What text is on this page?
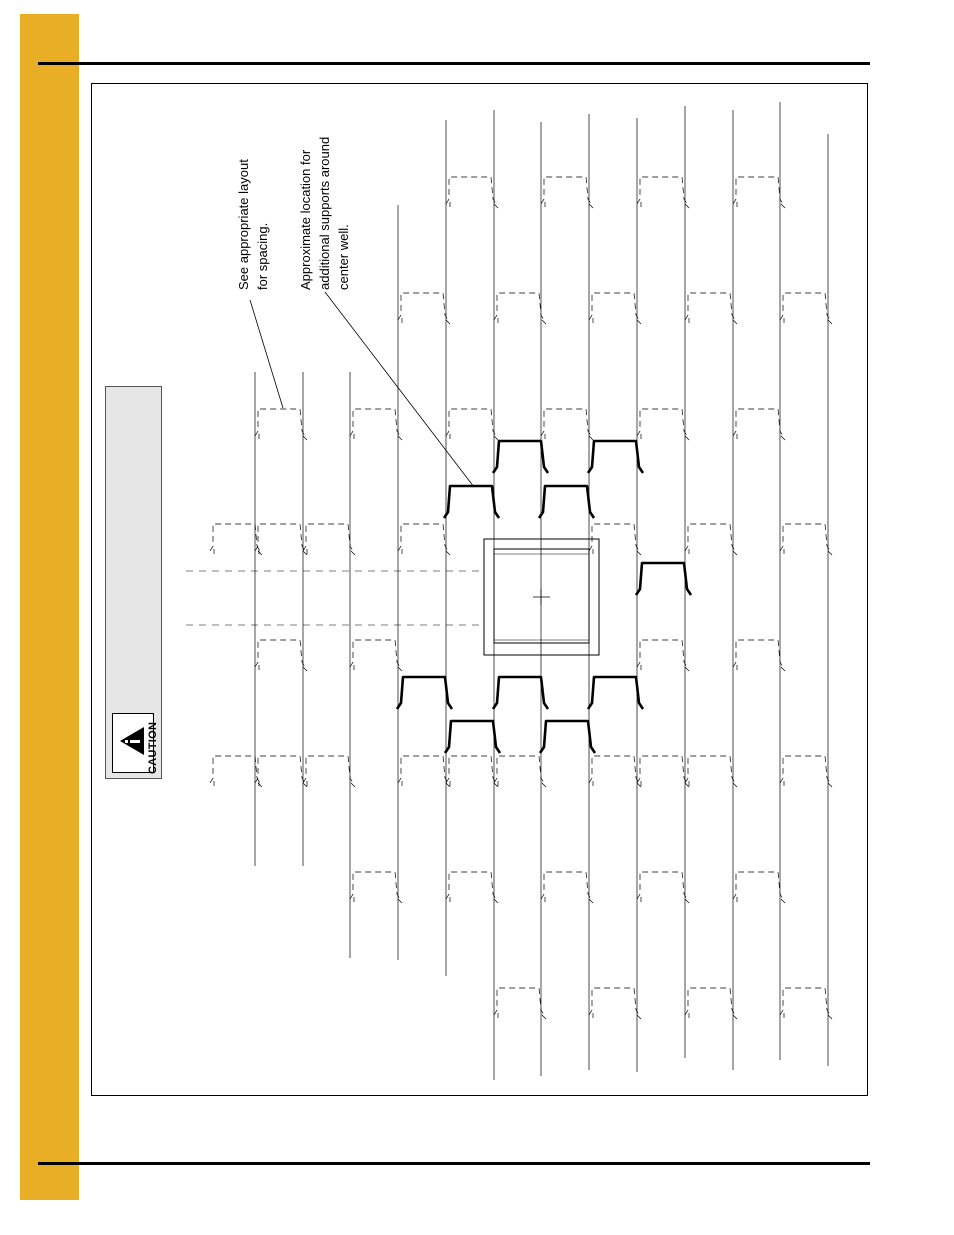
CAUTION
See appropriate layout for spacing. Approximate location for additional supports around center well.
